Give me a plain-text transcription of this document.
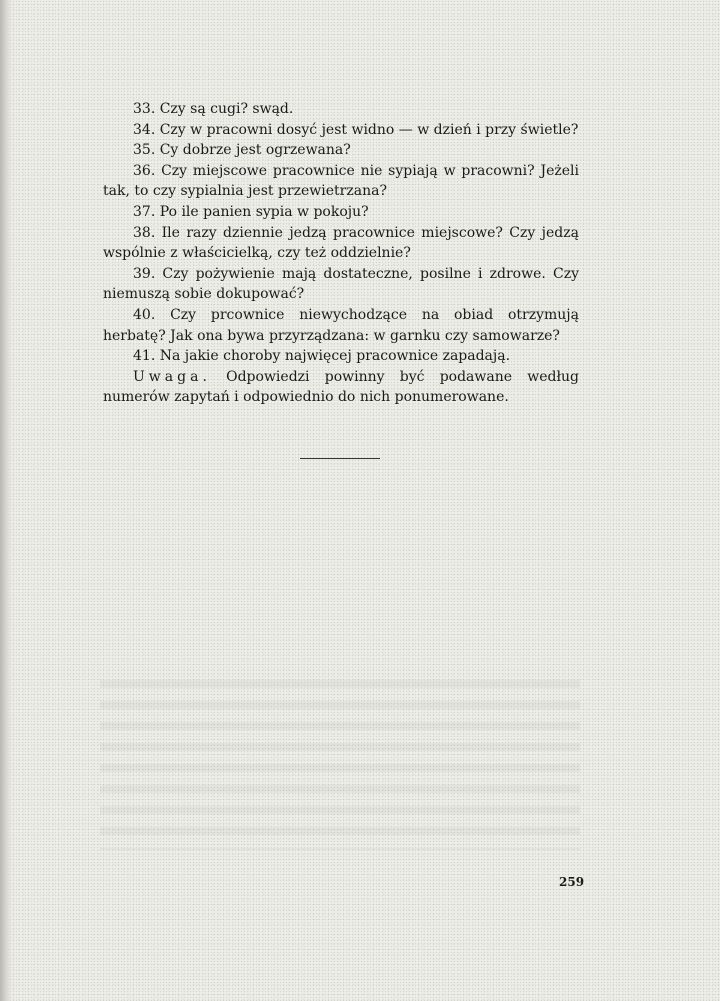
33. Czy są cugi? swąd.

34. Czy w pracowni dosyć jest widno — w dzień i przy świetle?

35. Cy dobrze jest ogrzewana?

36. Czy miejscowe pracownice nie sypiają w pracowni? Jeżeli tak, to czy sypialnia jest przewietrzana?

37. Po ile panien sypia w pokoju?

38. Ile razy dziennie jedzą pracownice miejscowe? Czy jedzą wspólnie z właścicielką, czy też oddzielnie?

39. Czy pożywienie mają dostateczne, posilne i zdrowe. Czy niemuszą sobie dokupować?

40. Czy prcownice niewychodzące na obiad otrzymują herbatę? Jak ona bywa przyrządzana: w garnku czy samowarze?

41. Na jakie choroby najwięcej pracownice zapadają.

Uwaga. Odpowiedzi powinny być podawane według numerów zapytań i odpowiednio do nich ponumerowane.

259
